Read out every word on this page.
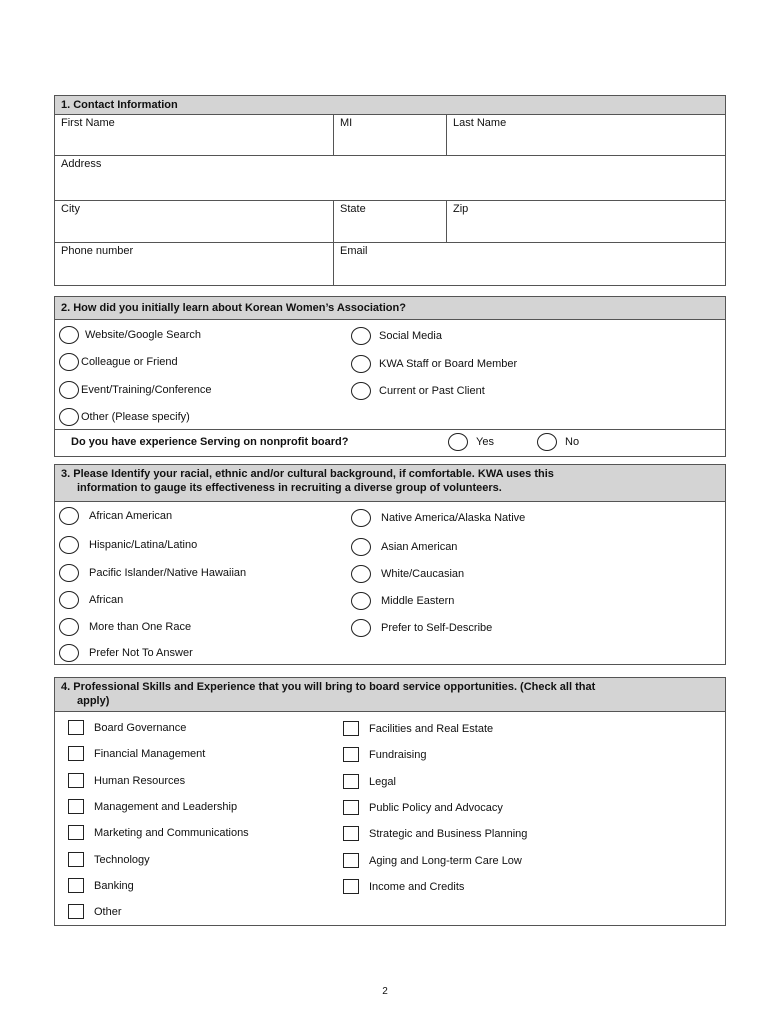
1. Contact Information
First Name	MI	Last Name
Address
City	State	Zip
Phone number	Email
2. How did you initially learn about Korean Women’s Association?
Website/Google Search	Social Media
Colleague or Friend	KWA Staff or Board Member
Event/Training/Conference	Current or Past Client
Other (Please specify)
Do you have experience Serving on nonprofit board?	Yes	No
3. Please Identify your racial, ethnic and/or cultural background, if comfortable. KWA uses this
information to gauge its effectiveness in recruiting a diverse group of volunteers.
African American	Native America/Alaska Native
Hispanic/Latina/Latino	Asian American
Pacific Islander/Native Hawaiian	White/Caucasian
African	Middle Eastern
More than One Race	Prefer to Self-Describe
Prefer Not To Answer
4. Professional Skills and Experience that you will bring to board service opportunities. (Check all that
apply)
Board Governance	Facilities and Real Estate
Financial Management	Fundraising
Human Resources	Legal
Management and Leadership	Public Policy and Advocacy
Marketing and Communications	Strategic and Business Planning
Technology	Aging and Long-term Care Low
Banking	Income and Credits
Other
2
